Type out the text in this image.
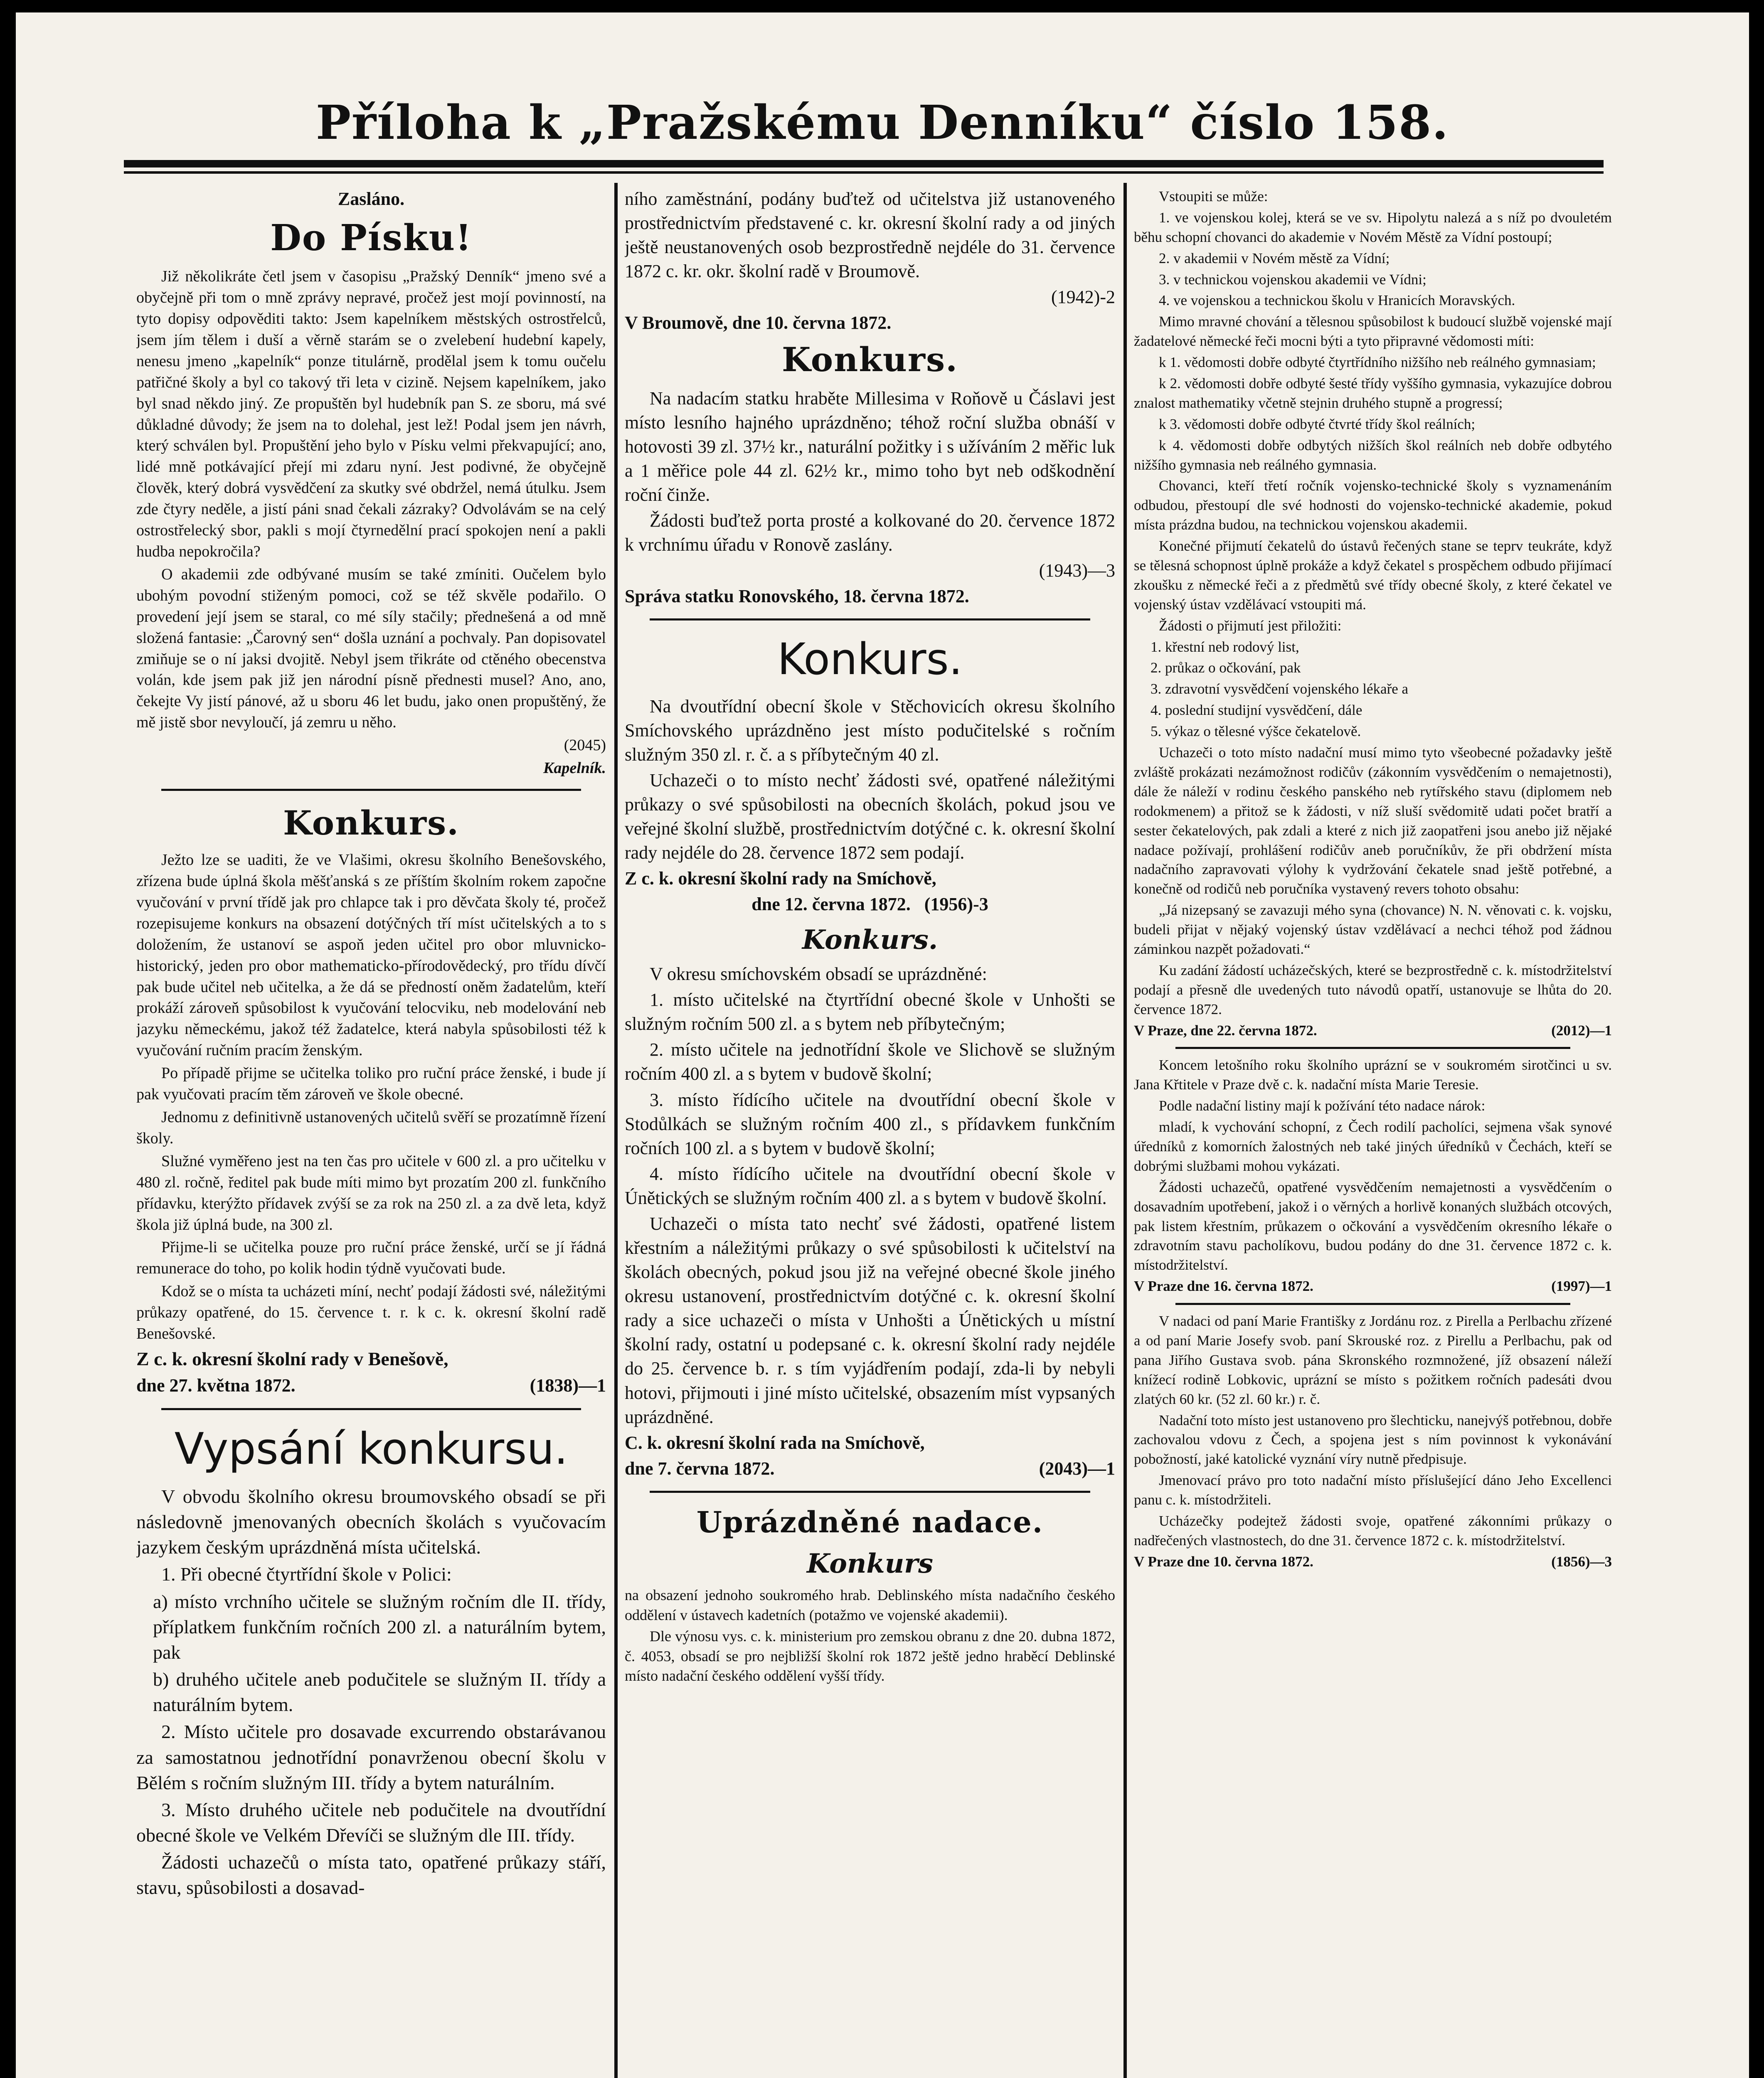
Příloha k „Pražskému Denníku“ číslo 158.
Zasláno.
Do Písku!

Již několikráte četl jsem v časopisu „Pražský Denník“ jmeno své a obyčejně při tom o mně zprávy nepravé, pročež jest mojí povinností, na tyto dopisy odpověditi takto: Jsem kapelníkem městských ostrostřelců, jsem jím tělem i duší a věrně starám se o zvelebení hudební kapely, nenesu jmeno „kapelník“ ponze titulárně, prodělal jsem k tomu oučelu patřičné školy a byl co takový tři leta v cizině. Nejsem kapelníkem, jako byl snad někdo jiný. Ze propuštěn byl hudebník pan S. ze sboru, má své důkladné důvody; že jsem na to dolehal, jest lež! Podal jsem jen návrh, který schválen byl. Propuštění jeho bylo v Písku velmi překvapující; ano, lidé mně potkávající přejí mi zdaru nyní. Jest podivné, že obyčejně člověk, který dobrá vysvědčení za skutky své obdržel, nemá útulku. Jsem zde čtyry neděle, a jistí páni snad čekali zázraky? Odvolávám se na celý ostrostřelecký sbor, pakli s mojí čtyrnedělní prací spokojen není a pakli hudba nepokročila?

O akademii zde odbývané musím se také zmíniti. Oučelem bylo ubohým povodní stiženým pomoci, což se též skvěle podařilo. O provedení její jsem se staral, co mé síly stačily; přednešená a od mně složená fantasie: „Čarovný sen“ došla uznání a pochvaly. Pan dopisovatel zmiňuje se o ní jaksi dvojitě. Nebyl jsem třikráte od ctěného obecenstva volán, kde jsem pak již jen národní písně přednesti musel? Ano, ano, čekejte Vy jistí pánové, až u sboru 46 let budu, jako onen propuštěný, že mě jistě sbor nevyloučí, já zemru u něho.

(2045)

Kapelník.

Konkurs.

Ježto lze se uaditi, že ve Vlašimi, okresu školního Benešovského, zřízena bude úplná škola měšťanská s ze příštím školním rokem započne vyučování v první třídě jak pro chlapce tak i pro děvčata školy té, pročež rozepisujeme konkurs na obsazení dotýčných tří míst učitelských a to s doložením, že ustanoví se aspoň jeden učitel pro obor mluvnicko-historický, jeden pro obor mathematicko-přírodovědecký, pro třídu dívčí pak bude učitel neb učitelka, a že dá se předností oněm žadatelům, kteří prokáží zároveň spůsobilost k vyučování telocviku, neb modelování neb jazyku německému, jakož též žadatelce, která nabyla spůsobilosti též k vyučování ručním pracím ženským.

Po případě přijme se učitelka toliko pro ruční práce ženské, i bude jí pak vyučovati pracím těm zároveň ve škole obecné.

Jednomu z definitivně ustanovených učitelů svěří se prozatímně řízení školy.

Služné vyměřeno jest na ten čas pro učitele v 600 zl. a pro učitelku v 480 zl. ročně, ředitel pak bude míti mimo byt prozatím 200 zl. funkčního přídavku, kterýžto přídavek zvýší se za rok na 250 zl. a za dvě leta, když škola již úplná bude, na 300 zl.

Přijme-li se učitelka pouze pro ruční práce ženské, určí se jí řádná remunerace do toho, po kolik hodin týdně vyučovati bude.

Kdož se o místa ta ucházeti míní, nechť podají žádosti své, náležitými průkazy opatřené, do 15. července t. r. k c. k. okresní školní radě Benešovské.

Z c. k. okresní školní rady v Benešově,

dne 27. května 1872.	(1838)—1

Vypsání konkursu.

V obvodu školního okresu broumovského obsadí se při následovně jmenovaných obecních školách s vyučovacím jazykem českým uprázdněná místa učitelská.

1. Při obecné čtyrtřídní škole v Polici:

a) místo vrchního učitele se služným ročním dle II. třídy, příplatkem funkčním ročních 200 zl. a naturálním bytem, pak

b) druhého učitele aneb podučitele se služným II. třídy a naturálním bytem.

2. Místo učitele pro dosavade excurrendo obstarávanou za samostatnou jednotřídní ponavrženou obecní školu v Bělém s ročním služným III. třídy a bytem naturálním.

3. Místo druhého učitele neb podučitele na dvoutřídní obecné škole ve Velkém Dřevíči se služným dle III. třídy.

Žádosti uchazečů o místa tato, opatřené průkazy stáří, stavu, spůsobilosti a dosavad-

ního zaměstnání, podány buďtež od učitelstva již ustanoveného prostřednictvím představené c. kr. okresní školní rady a od jiných ještě neustanovených osob bezprostředně nejdéle do 31. července 1872 c. kr. okr. školní radě v Broumově.

(1942)-2

V Broumově, dne 10. června 1872.

Konkurs.

Na nadacím statku hraběte Millesima v Roňově u Čáslavi jest místo lesního hajného uprázdněno; téhož roční služba obnáší v hotovosti 39 zl. 37½ kr., naturální požitky i s užíváním 2 měřic luk a 1 měřice pole 44 zl. 62½ kr., mimo toho byt neb odškodnění roční činže.

Žádosti buďtež porta prosté a kolkované do 20. července 1872 k vrchnímu úřadu v Ronově zaslány.

(1943)—3

Správa statku Ronovského, 18. června 1872.

Konkurs.

Na dvoutřídní obecní škole v Stěchovicích okresu školního Smíchovského uprázdněno jest místo podučitelské s ročním služným 350 zl. r. č. a s příbytečným 40 zl.

Uchazeči o to místo nechť žádosti své, opatřené náležitými průkazy o své spůsobilosti na obecních školách, pokud jsou ve veřejné školní službě, prostřednictvím dotýčné c. k. okresní školní rady nejdéle do 28. července 1872 sem podají.

Z c. k. okresní školní rady na Smíchově,

dne 12. června 1872. (1956)-3

Konkurs.

V okresu smíchovském obsadí se uprázdněné:

1. místo učitelské na čtyrtřídní obecné škole v Unhošti se služným ročním 500 zl. a s bytem neb příbytečným;

2. místo učitele na jednotřídní škole ve Slichově se služným ročním 400 zl. a s bytem v budově školní;

3. místo řídícího učitele na dvoutřídní obecní škole v Stodůlkách se služným ročním 400 zl., s přídavkem funkčním ročních 100 zl. a s bytem v budově školní;

4. místo řídícího učitele na dvoutřídní obecní škole v Únětických se služným ročním 400 zl. a s bytem v budově školní.

Uchazeči o místa tato nechť své žádosti, opatřené listem křestním a náležitými průkazy o své spůsobilosti k učitelství na školách obecných, pokud jsou již na veřejné obecné škole jiného okresu ustanovení, prostřednictvím dotýčné c. k. okresní školní rady a sice uchazeči o místa v Unhošti a Únětických u místní školní rady, ostatní u podepsané c. k. okresní školní rady nejdéle do 25. července b. r. s tím vyjádřením podají, zda-li by nebyli hotovi, přijmouti i jiné místo učitelské, obsazením míst vypsaných uprázdněné.

C. k. okresní školní rada na Smíchově,

dne 7. června 1872.	(2043)—1

Uprázdněné nadace.
Konkurs

na obsazení jednoho soukromého hrab. Deblinského místa nadačního českého oddělení v ústavech kadetních (potažmo ve vojenské akademii).

Dle výnosu vys. c. k. ministerium pro zemskou obranu z dne 20. dubna 1872, č. 4053, obsadí se pro nejbližší školní rok 1872 ještě jedno hraběcí Deblinské místo nadační českého oddělení vyšší třídy.

Vstoupiti se může:

1. ve vojenskou kolej, která se ve sv. Hipolytu nalezá a s níž po dvouletém běhu schopní chovanci do akademie v Novém Městě za Vídní postoupí;

2. v akademii v Novém městě za Vídní;

3. v technickou vojenskou akademii ve Vídni;

4. ve vojenskou a technickou školu v Hranicích Moravských.

Mimo mravné chování a tělesnou spůsobilost k budoucí službě vojenské mají žadatelové německé řeči mocni býti a tyto připravné vědomosti míti:

k 1. vědomosti dobře odbyté čtyrtřídního nižšího neb reálného gymnasiam;

k 2. vědomosti dobře odbyté šesté třídy vyššího gymnasia, vykazujíce dobrou znalost mathematiky včetně stejnin druhého stupně a progressí;

k 3. vědomosti dobře odbyté čtvrté třídy škol reálních;

k 4. vědomosti dobře odbytých nižších škol reálních neb dobře odbytého nižšího gymnasia neb reálného gymnasia.

Chovanci, kteří třetí ročník vojensko-technické školy s vyznamenáním odbudou, přestoupí dle své hodnosti do vojensko-technické akademie, pokud místa prázdna budou, na technickou vojenskou akademii.

Konečné přijmutí čekatelů do ústavů řečených stane se teprv teukráte, když se tělesná schopnost úplně prokáže a když čekatel s prospěchem odbudo přijímací zkoušku z německé řeči a z předmětů své třídy obecné školy, z které čekatel ve vojenský ústav vzdělávací vstoupiti má.

Žádosti o přijmutí jest přiložiti:

1. křestní neb rodový list,

2. průkaz o očkování, pak

3. zdravotní vysvědčení vojenského lékaře a

4. poslední studijní vysvědčení, dále

5. výkaz o tělesné výšce čekatelově.

Uchazeči o toto místo nadační musí mimo tyto všeobecné požadavky ještě zvláště prokázati nezámožnost rodičův (zákonním vysvědčením o nemajetnosti), dále že náleží v rodinu českého panského neb rytířského stavu (diplomem neb rodokmenem) a přitož se k žádosti, v níž sluší svědomitě udati počet bratří a sester čekatelových, pak zdali a které z nich již zaopatřeni jsou anebo již nějaké nadace požívají, prohlášení rodičův aneb poručníkův, že při obdržení místa nadačního zapravovati výlohy k vydržování čekatele snad ještě potřebné, a konečně od rodičů neb poručníka vystavený revers tohoto obsahu:

„Já nizepsaný se zavazuji mého syna (chovance) N. N. věnovati c. k. vojsku, budeli přijat v nějaký vojenský ústav vzdělávací a nechci téhož pod žádnou záminkou nazpět požadovati.“

Ku zadání žádostí ucházečských, které se bezprostředně c. k. místodržitelství podají a přesně dle uvedených tuto návodů opatří, ustanovuje se lhůta do 20. července 1872.

V Praze, dne 22. června 1872.	(2012)—1

Koncem letošního roku školního uprázní se v soukromém sirotčinci u sv. Jana Křtitele v Praze dvě c. k. nadační místa Marie Teresie.

Podle nadační listiny mají k požívání této nadace nárok:

mladí, k vychování schopní, z Čech rodilí pacholíci, sejmena však synové úředníků z komorních žalostných neb také jiných úředníků v Čechách, kteří se dobrými službami mohou vykázati.

Žádosti uchazečů, opatřené vysvědčením nemajetnosti a vysvědčením o dosavadním upotřebení, jakož i o věrných a horlivě konaných službách otcových, pak listem křestním, průkazem o očkování a vysvědčením okresního lékaře o zdravotním stavu pacholíkovu, budou podány do dne 31. července 1872 c. k. místodržitelství.

V Praze dne 16. června 1872.	(1997)—1

V nadaci od paní Marie Františky z Jordánu roz. z Pirella a Perlbachu zřízené a od paní Marie Josefy svob. paní Skrouské roz. z Pirellu a Perlbachu, pak od pana Jiřího Gustava svob. pána Skronského rozmnožené, jíž obsazení náleží knížecí rodině Lobkovic, uprázní se místo s požitkem ročních padesáti dvou zlatých 60 kr. (52 zl. 60 kr.) r. č.

Nadační toto místo jest ustanoveno pro šlechticku, nanejvýš potřebnou, dobře zachovalou vdovu z Čech, a spojena jest s ním povinnost k vykonávání pobožností, jaké katolické vyznání víry nutně předpisuje.

Jmenovací právo pro toto nadační místo příslušející dáno Jeho Excellenci panu c. k. místodržiteli.

Ucházečky podejtež žádosti svoje, opatřené zákonními průkazy o nadřečených vlastnostech, do dne 31. července 1872 c. k. místodržitelství.

V Praze dne 10. června 1872.	(1856)—3
